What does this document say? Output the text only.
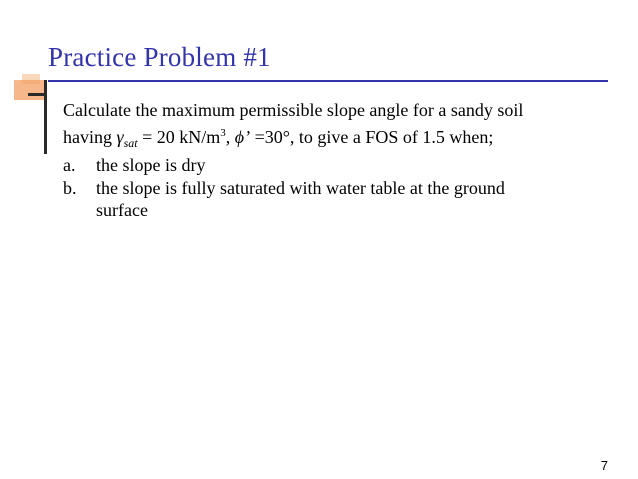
Practice Problem #1
Calculate the maximum permissible slope angle for a sandy soil
having $\gamma_{sat} = 20$ $kN/m^3$, ϕ’ =30°, to give a FOS of 1.5 when;
a.	the slope is dry
b.	the slope is fully saturated with water table at the ground
surface
7
